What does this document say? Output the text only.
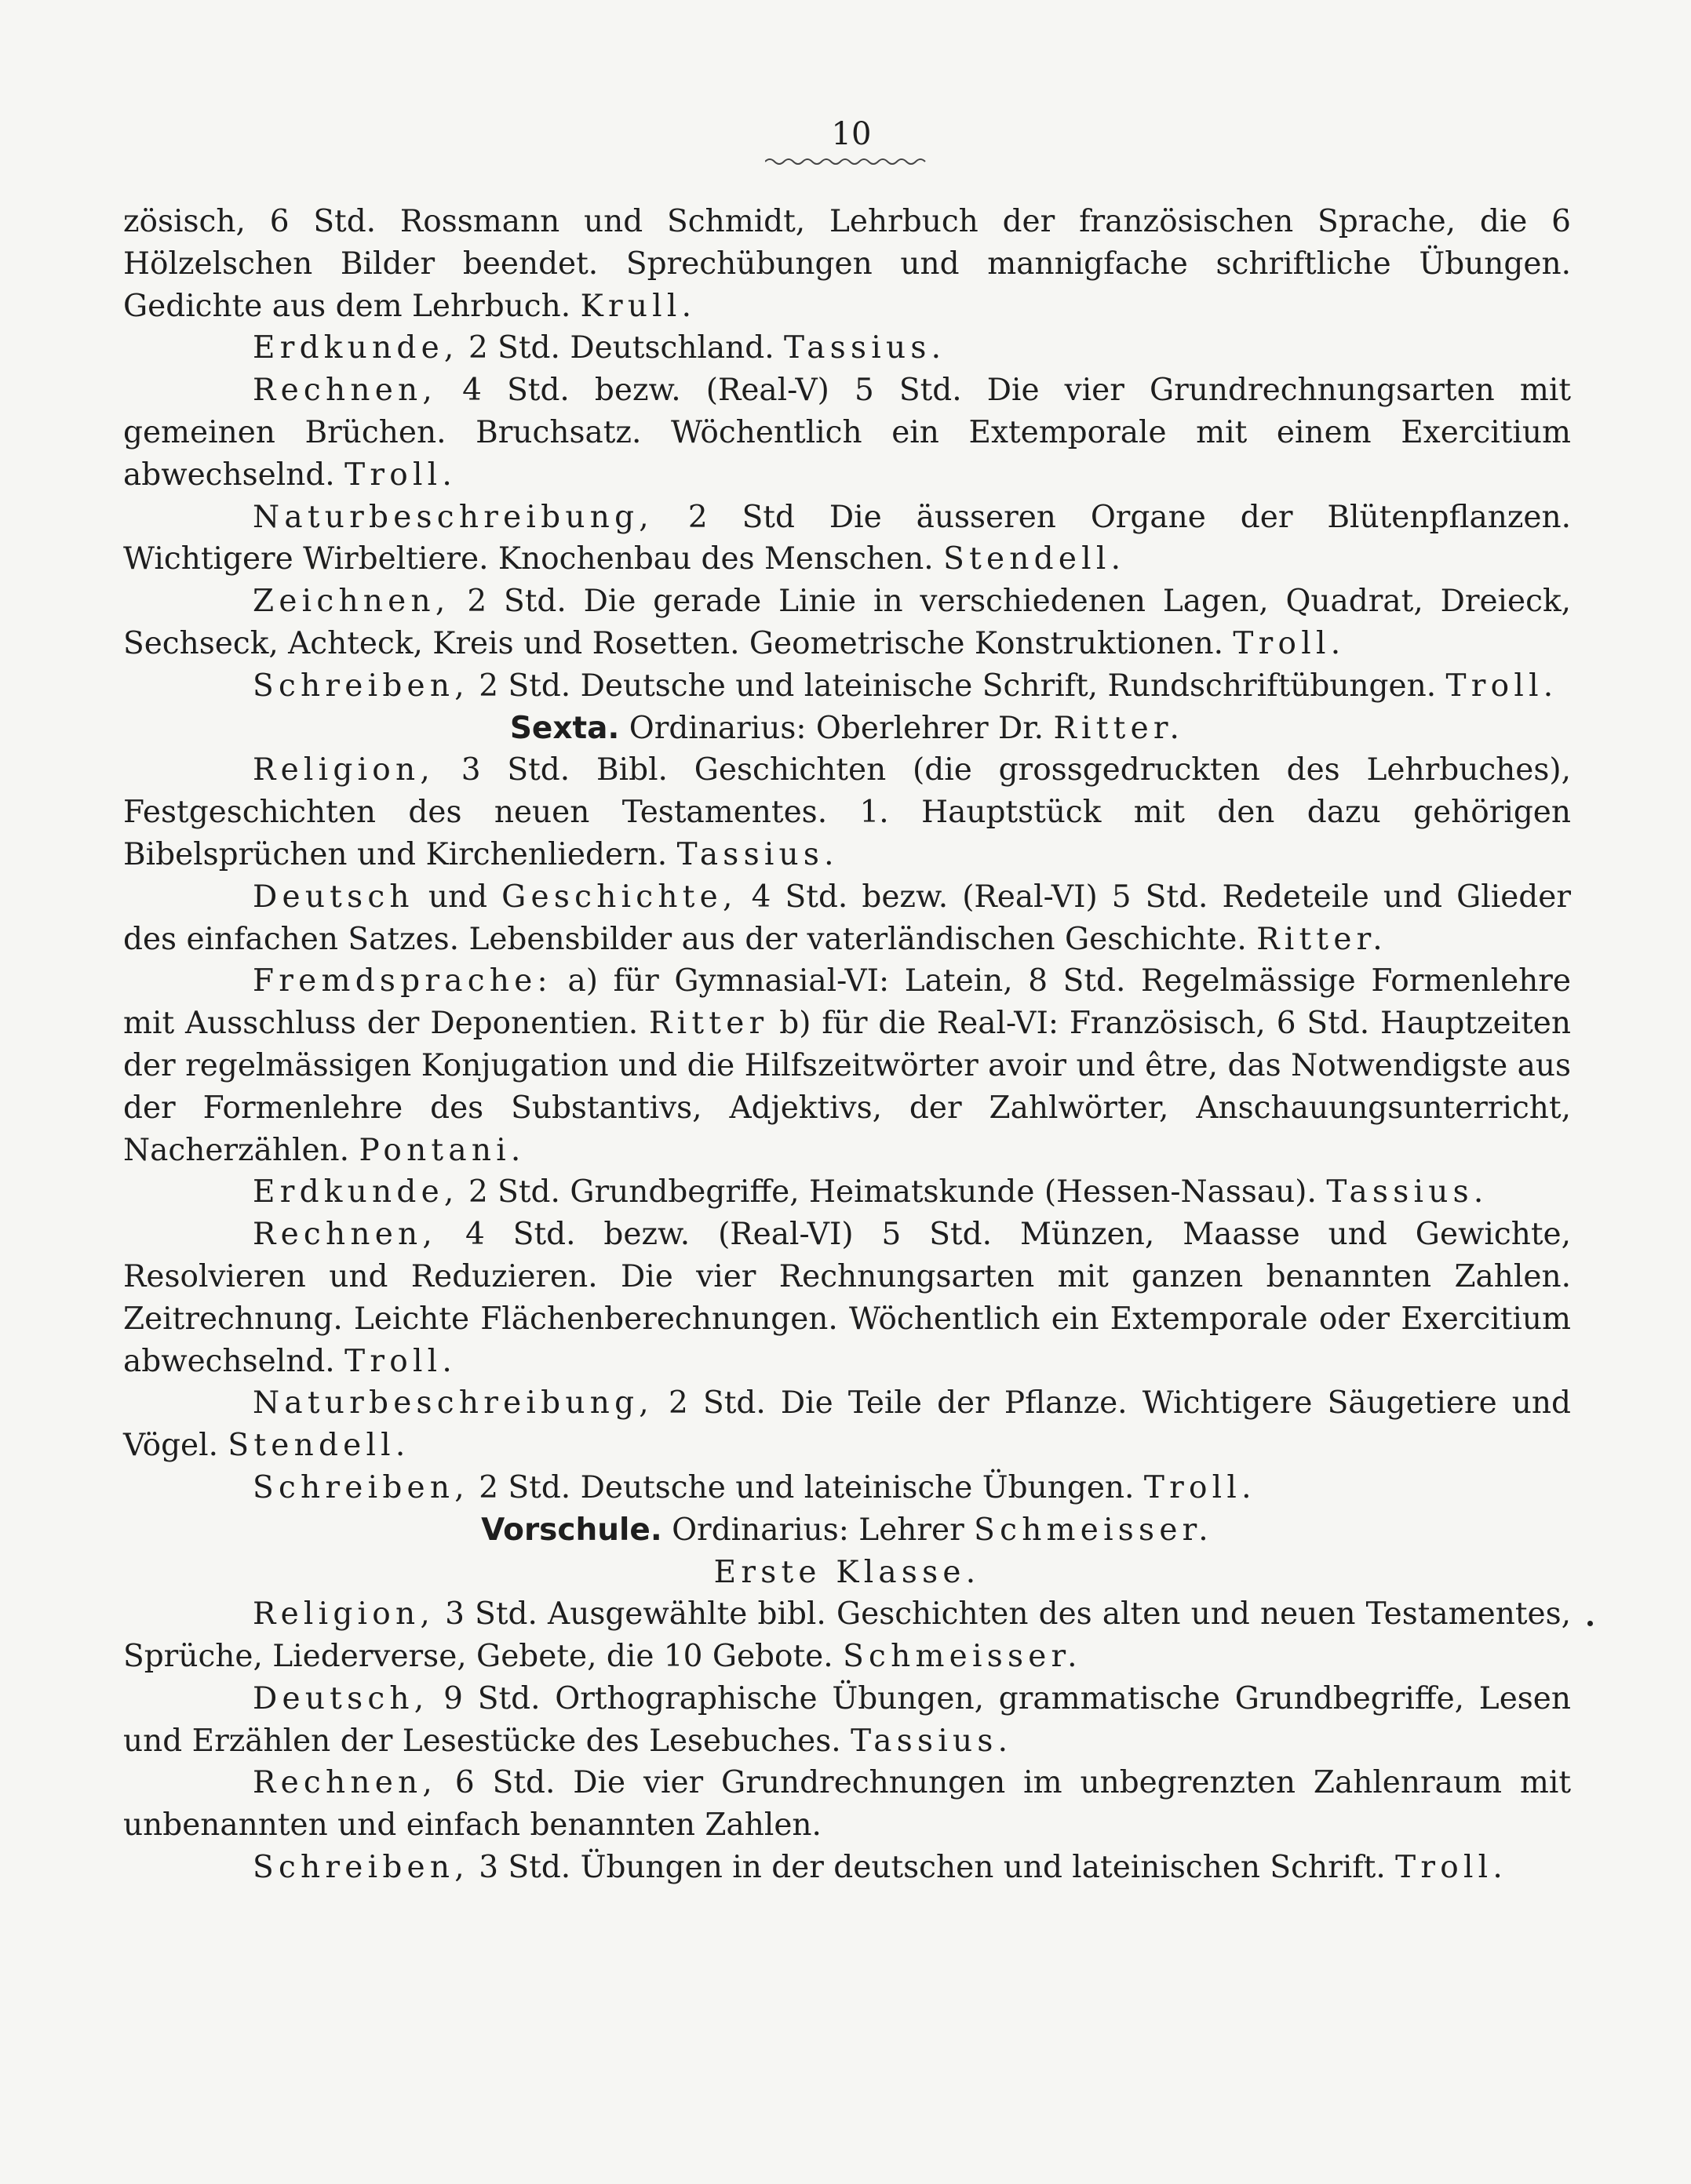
10

zösisch, 6 Std. Rossmann und Schmidt, Lehrbuch der französischen Sprache, die 6 Hölzelschen Bilder beendet. Sprechübungen und mannigfache schriftliche Übungen. Gedichte aus dem Lehrbuch. Krull.

Erdkunde, 2 Std. Deutschland. Tassius.

Rechnen, 4 Std. bezw. (Real-V) 5 Std. Die vier Grundrechnungsarten mit gemeinen Brüchen. Bruchsatz. Wöchentlich ein Extemporale mit einem Exercitium abwechselnd. Troll.

Naturbeschreibung, 2 Std Die äusseren Organe der Blütenpflanzen. Wichtigere Wirbeltiere. Knochenbau des Menschen. Stendell.

Zeichnen, 2 Std. Die gerade Linie in verschiedenen Lagen, Quadrat, Dreieck, Sechseck, Achteck, Kreis und Rosetten. Geometrische Konstruktionen. Troll.

Schreiben, 2 Std. Deutsche und lateinische Schrift, Rundschriftübungen. Troll.

Sexta. Ordinarius: Oberlehrer Dr. Ritter.

Religion, 3 Std. Bibl. Geschichten (die grossgedruckten des Lehrbuches), Festgeschichten des neuen Testamentes. 1. Hauptstück mit den dazu gehörigen Bibelsprüchen und Kirchenliedern. Tassius.

Deutsch und Geschichte, 4 Std. bezw. (Real-VI) 5 Std. Redeteile und Glieder des einfachen Satzes. Lebensbilder aus der vaterländischen Geschichte. Ritter.

Fremdsprache: a) für Gymnasial-VI: Latein, 8 Std. Regelmässige Formenlehre mit Ausschluss der Deponentien. Ritter b) für die Real-VI: Französisch, 6 Std. Hauptzeiten der regelmässigen Konjugation und die Hilfszeitwörter avoir und être, das Notwendigste aus der Formenlehre des Substantivs, Adjektivs, der Zahlwörter, Anschauungsunterricht, Nacherzählen. Pontani.

Erdkunde, 2 Std. Grundbegriffe, Heimatskunde (Hessen-Nassau). Tassius.

Rechnen, 4 Std. bezw. (Real-VI) 5 Std. Münzen, Maasse und Gewichte, Resolvieren und Reduzieren. Die vier Rechnungsarten mit ganzen benannten Zahlen. Zeitrechnung. Leichte Flächenberechnungen. Wöchentlich ein Extemporale oder Exercitium abwechselnd. Troll.

Naturbeschreibung, 2 Std. Die Teile der Pflanze. Wichtigere Säugetiere und Vögel. Stendell.

Schreiben, 2 Std. Deutsche und lateinische Übungen. Troll.

Vorschule. Ordinarius: Lehrer Schmeisser.

Erste Klasse.

Religion, 3 Std. Ausgewählte bibl. Geschichten des alten und neuen Testamentes, Sprüche, Liederverse, Gebete, die 10 Gebote. Schmeisser.

Deutsch, 9 Std. Orthographische Übungen, grammatische Grundbegriffe, Lesen und Erzählen der Lesestücke des Lesebuches. Tassius.

Rechnen, 6 Std. Die vier Grundrechnungen im unbegrenzten Zahlenraum mit unbenannten und einfach benannten Zahlen.

Schreiben, 3 Std. Übungen in der deutschen und lateinischen Schrift. Troll.
